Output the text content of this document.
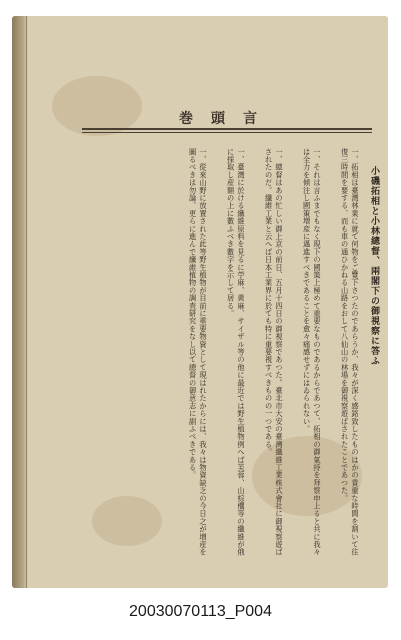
巻頭言
小磯拓相と小林總督、兩閣下の御視察に答ふ
一、拓相は臺灣林業に就て何物をご覽下さつたのであらうか、我々が深く感銘致したものはかの貴重な時間を割いて往復三時間を要する、而も車の通ひかねる山路をおして八仙山の林場を御視察遊ばされたことであつた。
一、それは言ふまでもなく現下の國策上極めて重要なものであるからであつて、拓相の御氣持を拜察申上ると共に我々は全力を傾注し國策増産に邁進すべきであることを愈々痛感せずにはゐられない。
一、總督はあの忙しい御上京の前日、五月十四日の御視察であつた。臺北市大安の臺灣纖維工業株式會社に御視察遊ばされたのだ。纖維工業と云へば日本工業界に於ても特に重要視すべきものの一つである。
一、臺灣に於ける纖維原料を見るに苧麻、黄麻、サイザル等の他に最近では野生植物例へば芙蓉、山棕櫚等の纖維が俄に採取し産額の上に數ふべき數字を示して居る。
一、從來山野に放置された此等野生植物が目前に重要物資として現はれたからには、我々は物資缺乏の今日之が増産を圖るべきは勿論、更らに進んで纖維植物の調査研究をなし以て總督の御意志に副ふべきである。
20030070113_P004
